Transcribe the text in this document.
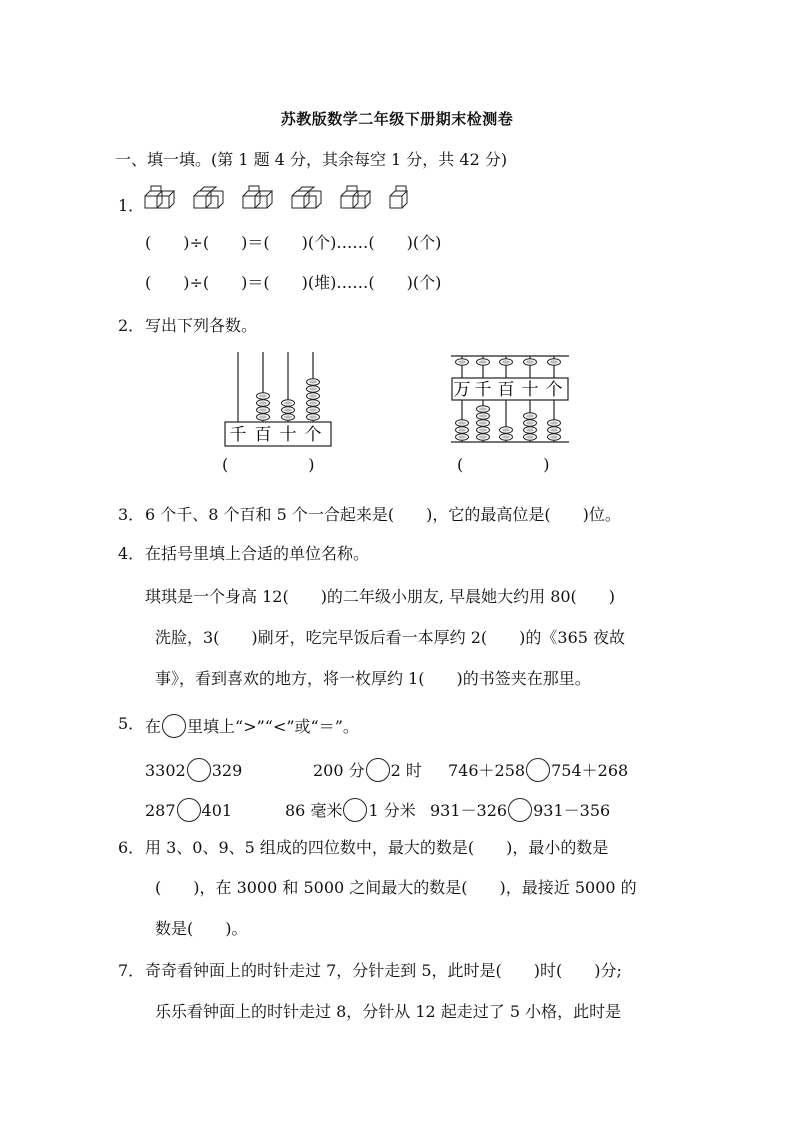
苏教版数学二年级下册期末检测卷
一、填一填。(第 1 题 4 分，其余每空 1 分，共 42 分)
1．
(　　)÷(　　)＝(　　)(个)……(　　)(个)
(　　)÷(　　)＝(　　)(堆)……(　　)(个)
2． 写出下列各数。
千 百 十 个
(　　　　　)
万 千 百 十 个
(　　　　　)
3． 6 个千、8 个百和 5 个一合起来是(　　)，它的最高位是(　　)位。
4． 在括号里填上合适的单位名称。
琪琪是一个身高 12(　　)的二年级小朋友, 早晨她大约用 80(　　)
洗脸，3(　　)刷牙，吃完早饭后看一本厚约 2(　　)的《365 夜故
事》，看到喜欢的地方，将一枚厚约 1(　　)的书签夹在那里。
5． 在 里填上“>”“<”或“＝”。
3302 329	200 分 2 时 746＋258 754＋268
287 401	86 毫米 1 分米 931－326 931－356
6． 用 3、0、9、5 组成的四位数中，最大的数是(　　)，最小的数是
(　　)，在 3000 和 5000 之间最大的数是(　　)，最接近 5000 的
数是(　　)。
7． 奇奇看钟面上的时针走过 7，分针走到 5，此时是(　　)时(　　)分;
乐乐看钟面上的时针走过 8，分针从 12 起走过了 5 小格，此时是
